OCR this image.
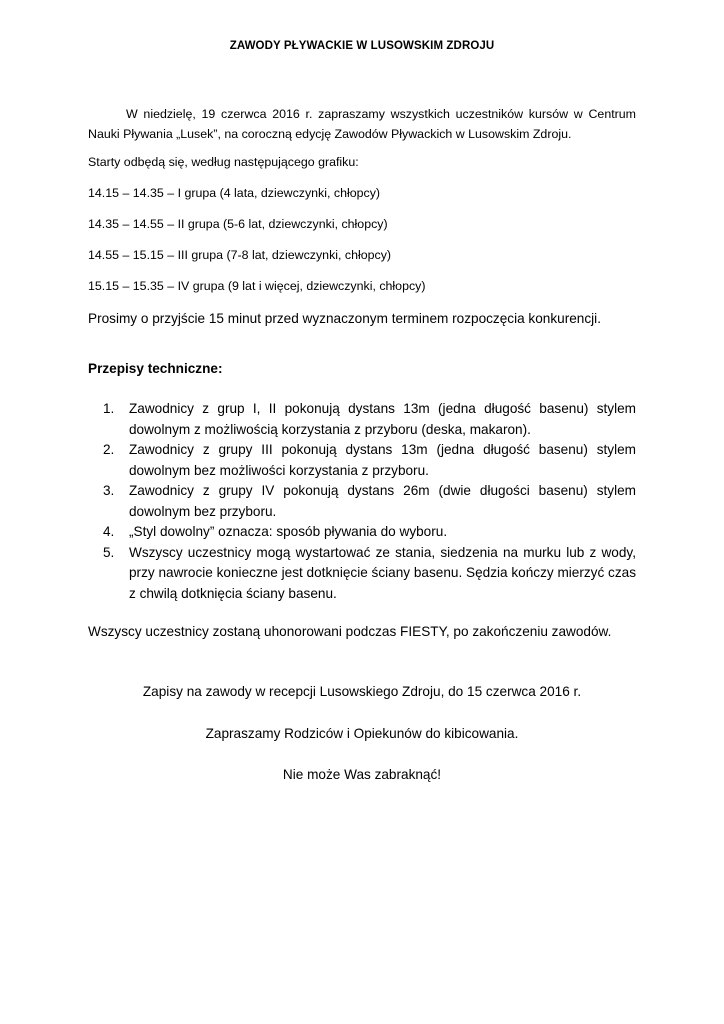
ZAWODY PŁYWACKIE W LUSOWSKIM ZDROJU

W niedzielę, 19 czerwca 2016 r. zapraszamy wszystkich uczestników kursów w Centrum Nauki Pływania „Lusek”, na coroczną edycję Zawodów Pływackich w Lusowskim Zdroju.

Starty odbędą się, według następującego grafiku:
14.15 – 14.35 – I grupa (4 lata, dziewczynki, chłopcy)
14.35 – 14.55 – II grupa (5-6 lat, dziewczynki, chłopcy)
14.55 – 15.15 – III grupa (7-8 lat, dziewczynki, chłopcy)
15.15 – 15.35 – IV grupa (9 lat i więcej, dziewczynki, chłopcy)
Prosimy o przyjście 15 minut przed wyznaczonym terminem rozpoczęcia konkurencji.
Przepisy techniczne:
1. Zawodnicy z grup I, II pokonują dystans 13m (jedna długość basenu) stylem dowolnym z możliwością korzystania z przyboru (deska, makaron).
2. Zawodnicy z grupy III pokonują dystans 13m (jedna długość basenu) stylem dowolnym bez możliwości korzystania z przyboru.
3. Zawodnicy z grupy IV pokonują dystans 26m (dwie długości basenu) stylem dowolnym bez przyboru.
4. „Styl dowolny” oznacza: sposób pływania do wyboru.
5. Wszyscy uczestnicy mogą wystartować ze stania, siedzenia na murku lub z wody, przy nawrocie konieczne jest dotknięcie ściany basenu. Sędzia kończy mierzyć czas z chwilą dotknięcia ściany basenu.
Wszyscy uczestnicy zostaną uhonorowani podczas FIESTY, po zakończeniu zawodów.
Zapisy na zawody w recepcji Lusowskiego Zdroju, do 15 czerwca 2016 r.
Zapraszamy Rodziców i Opiekunów do kibicowania.
Nie może Was zabraknąć!
